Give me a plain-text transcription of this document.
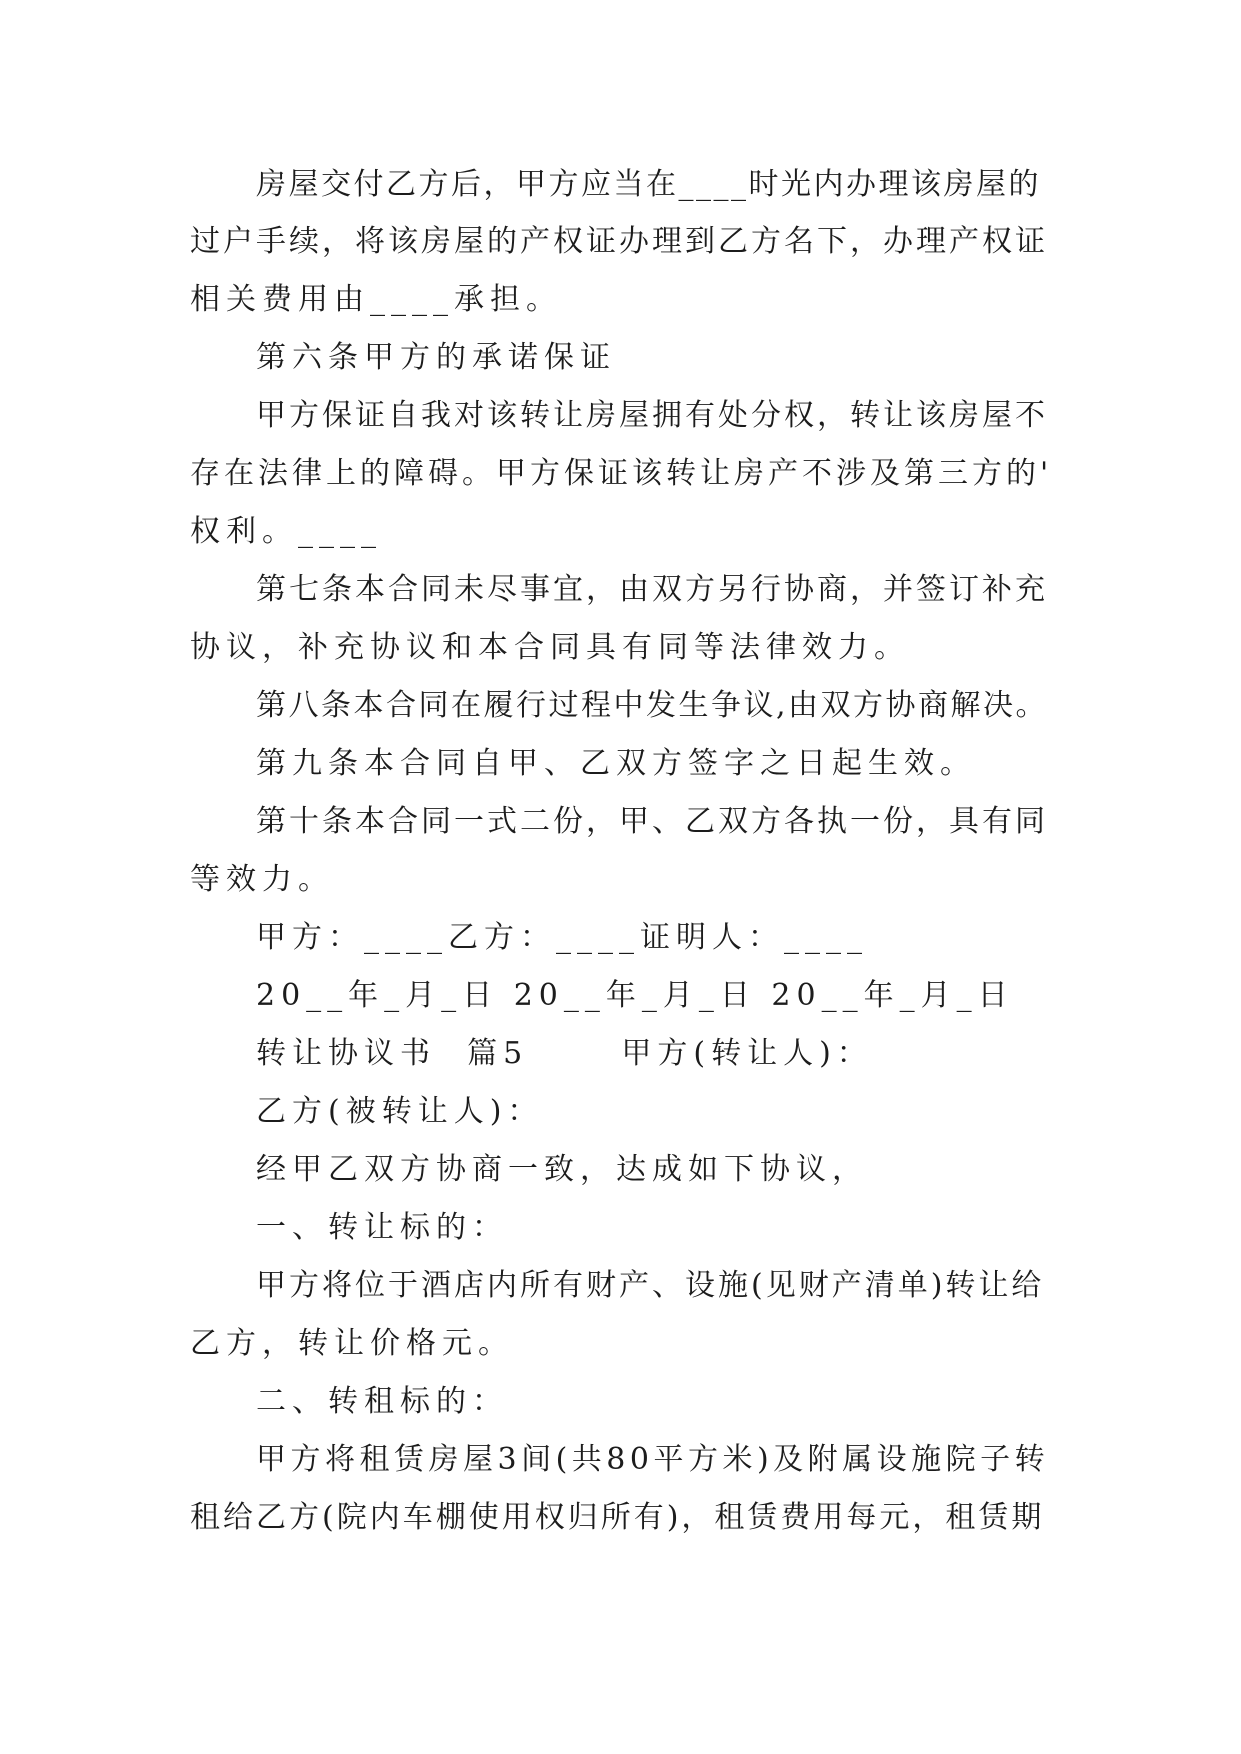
房屋交付乙方后，甲方应当在____时光内办理该房屋的
过户手续，将该房屋的产权证办理到乙方名下，办理产权证
相关费用由____承担。
第六条甲方的承诺保证
甲方保证自我对该转让房屋拥有处分权，转让该房屋不
存在法律上的障碍。甲方保证该转让房产不涉及第三方的'
权利。____
第七条本合同未尽事宜，由双方另行协商，并签订补充
协议，补充协议和本合同具有同等法律效力。
第八条本合同在履行过程中发生争议,由双方协商解决。
第九条本合同自甲、乙双方签字之日起生效。
第十条本合同一式二份，甲、乙双方各执一份，具有同
等效力。
甲方：____乙方：____证明人：____
20__年_月_日 20__年_月_日 20__年_月_日
转让协议书  篇5      甲方(转让人)：
乙方(被转让人)：
经甲乙双方协商一致，达成如下协议，
一、转让标的：
甲方将位于酒店内所有财产、设施(见财产清单)转让给
乙方，转让价格元。
二、转租标的：
甲方将租赁房屋3间(共80平方米)及附属设施院子转
租给乙方(院内车棚使用权归所有)，租赁费用每元，租赁期
